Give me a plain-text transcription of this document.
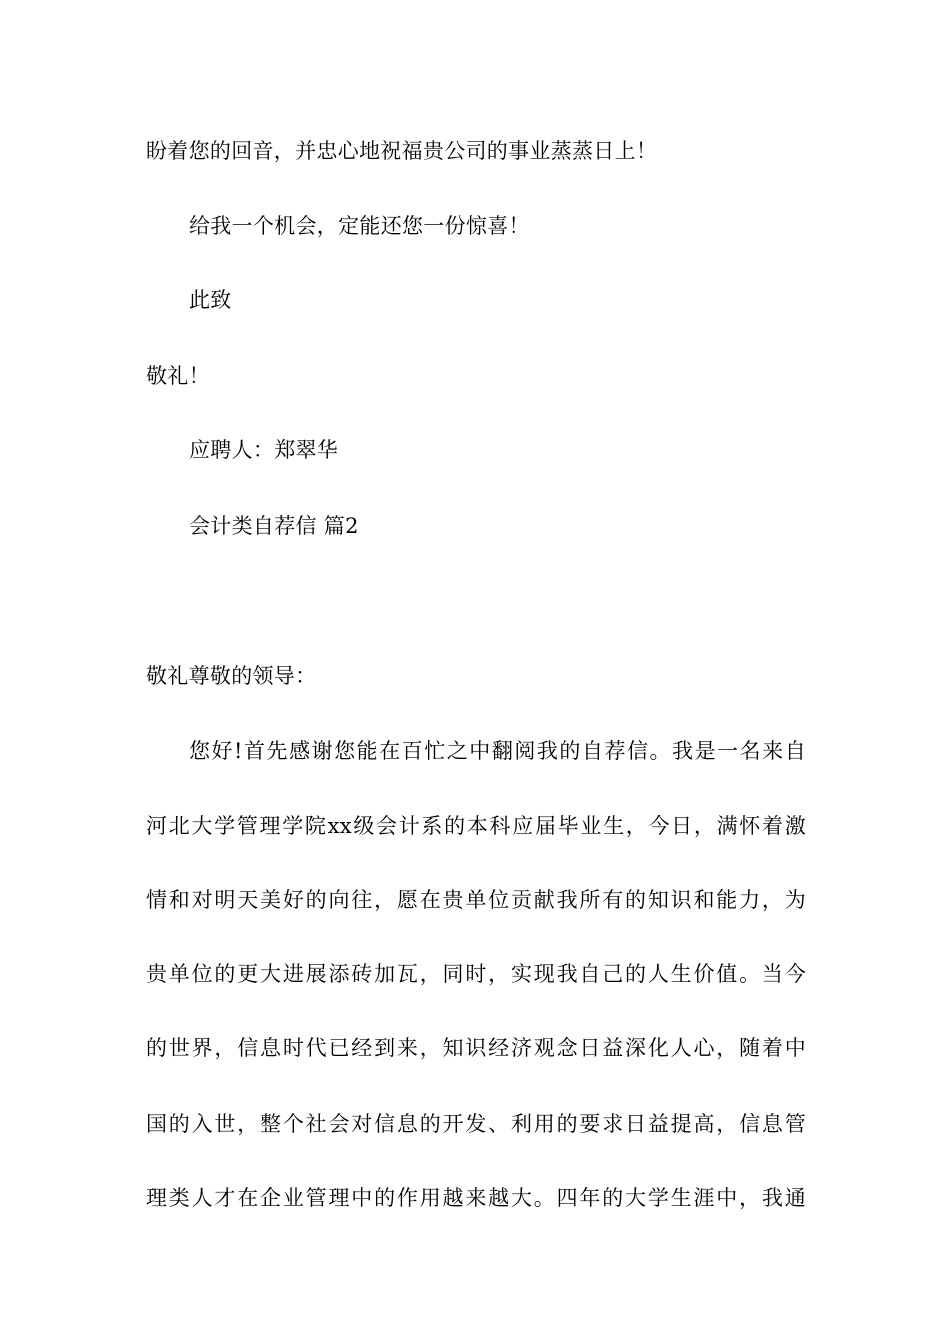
盼着您的回音，并忠心地祝福贵公司的事业蒸蒸日上！
给我一个机会，定能还您一份惊喜！
此致
敬礼！
应聘人：郑翠华
会计类自荐信 篇2
敬礼尊敬的领导：
您好!首先感谢您能在百忙之中翻阅我的自荐信。我是一名来自
河北大学管理学院xx级会计系的本科应届毕业生，今日，满怀着激
情和对明天美好的向往，愿在贵单位贡献我所有的知识和能力，为
贵单位的更大进展添砖加瓦，同时，实现我自己的人生价值。当今
的世界，信息时代已经到来，知识经济观念日益深化人心，随着中
国的入世，整个社会对信息的开发、利用的要求日益提高，信息管
理类人才在企业管理中的作用越来越大。四年的大学生涯中，我通
